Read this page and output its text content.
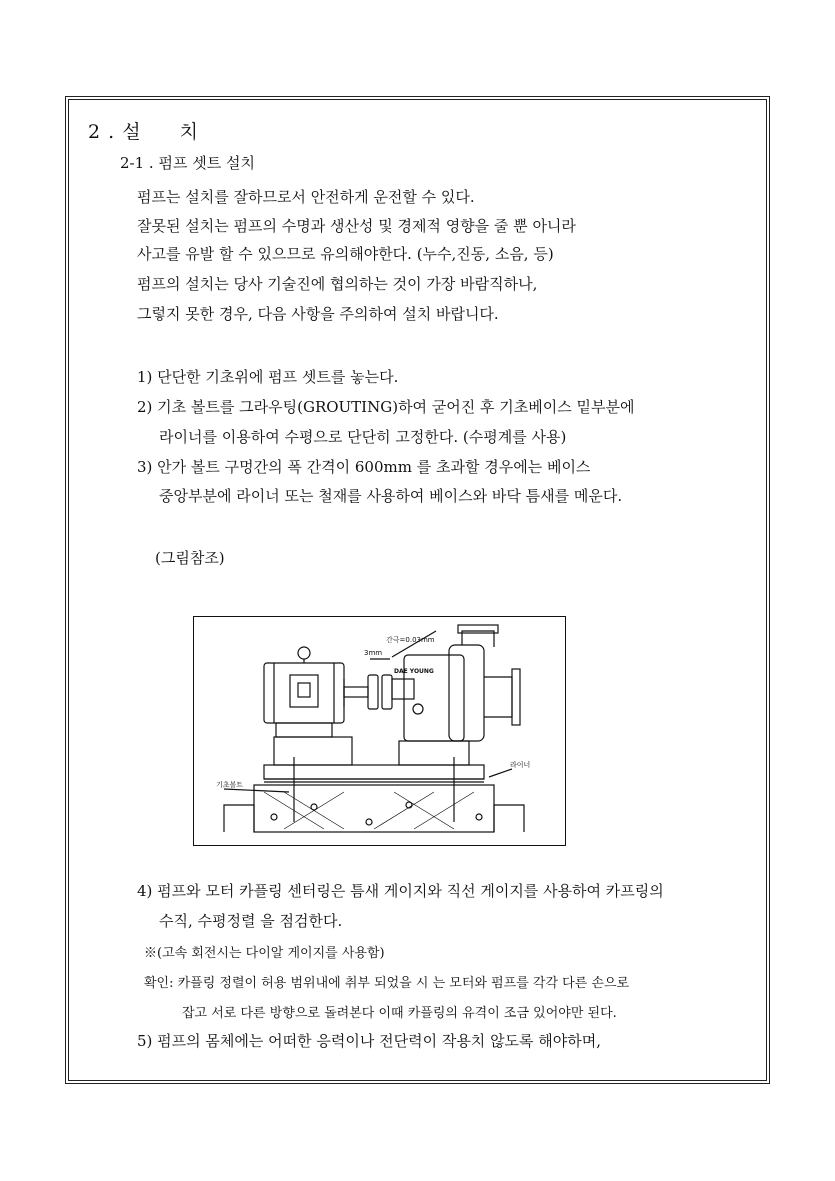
2 . 설 치
2-1 . 펌프 셋트 설치
펌프는 설치를 잘하므로서 안전하게 운전할 수 있다.
잘못된 설치는 펌프의 수명과 생산성 및 경제적 영향을 줄 뿐 아니라
사고를 유발 할 수 있으므로 유의해야한다. (누수,진동, 소음, 등)
펌프의 설치는 당사 기술진에 협의하는 것이 가장 바람직하나,
그렇지 못한 경우, 다음 사항을 주의하여 설치 바랍니다.
1) 단단한 기초위에 펌프 셋트를 놓는다.
2) 기초 볼트를 그라우팅(GROUTING)하여 굳어진 후 기초베이스 밑부분에
라이너를 이용하여 수평으로 단단히 고정한다. (수평계를 사용)
3) 안가 볼트 구멍간의 폭 간격이 600mm 를 초과할 경우에는 베이스
중앙부분에 라이너 또는 철재를 사용하여 베이스와 바닥 틈새를 메운다.
(그림참조)
간극=0.03mm
3mm
DAE YOUNG
기초볼트
라이너
4) 펌프와 모터 카플링 센터링은 틈새 게이지와 직선 게이지를 사용하여 카프링의
수직, 수평정렬 을 점검한다.
※(고속 회전시는 다이알 게이지를 사용함)
확인: 카플링 정렬이 허용 범위내에 취부 되었을 시 는 모터와 펌프를 각각 다른 손으로
잡고 서로 다른 방향으로 돌려본다 이때 카플링의 유격이 조금 있어야만 된다.
5) 펌프의 몸체에는 어떠한 응력이나 전단력이 작용치 않도록 해야하며,
